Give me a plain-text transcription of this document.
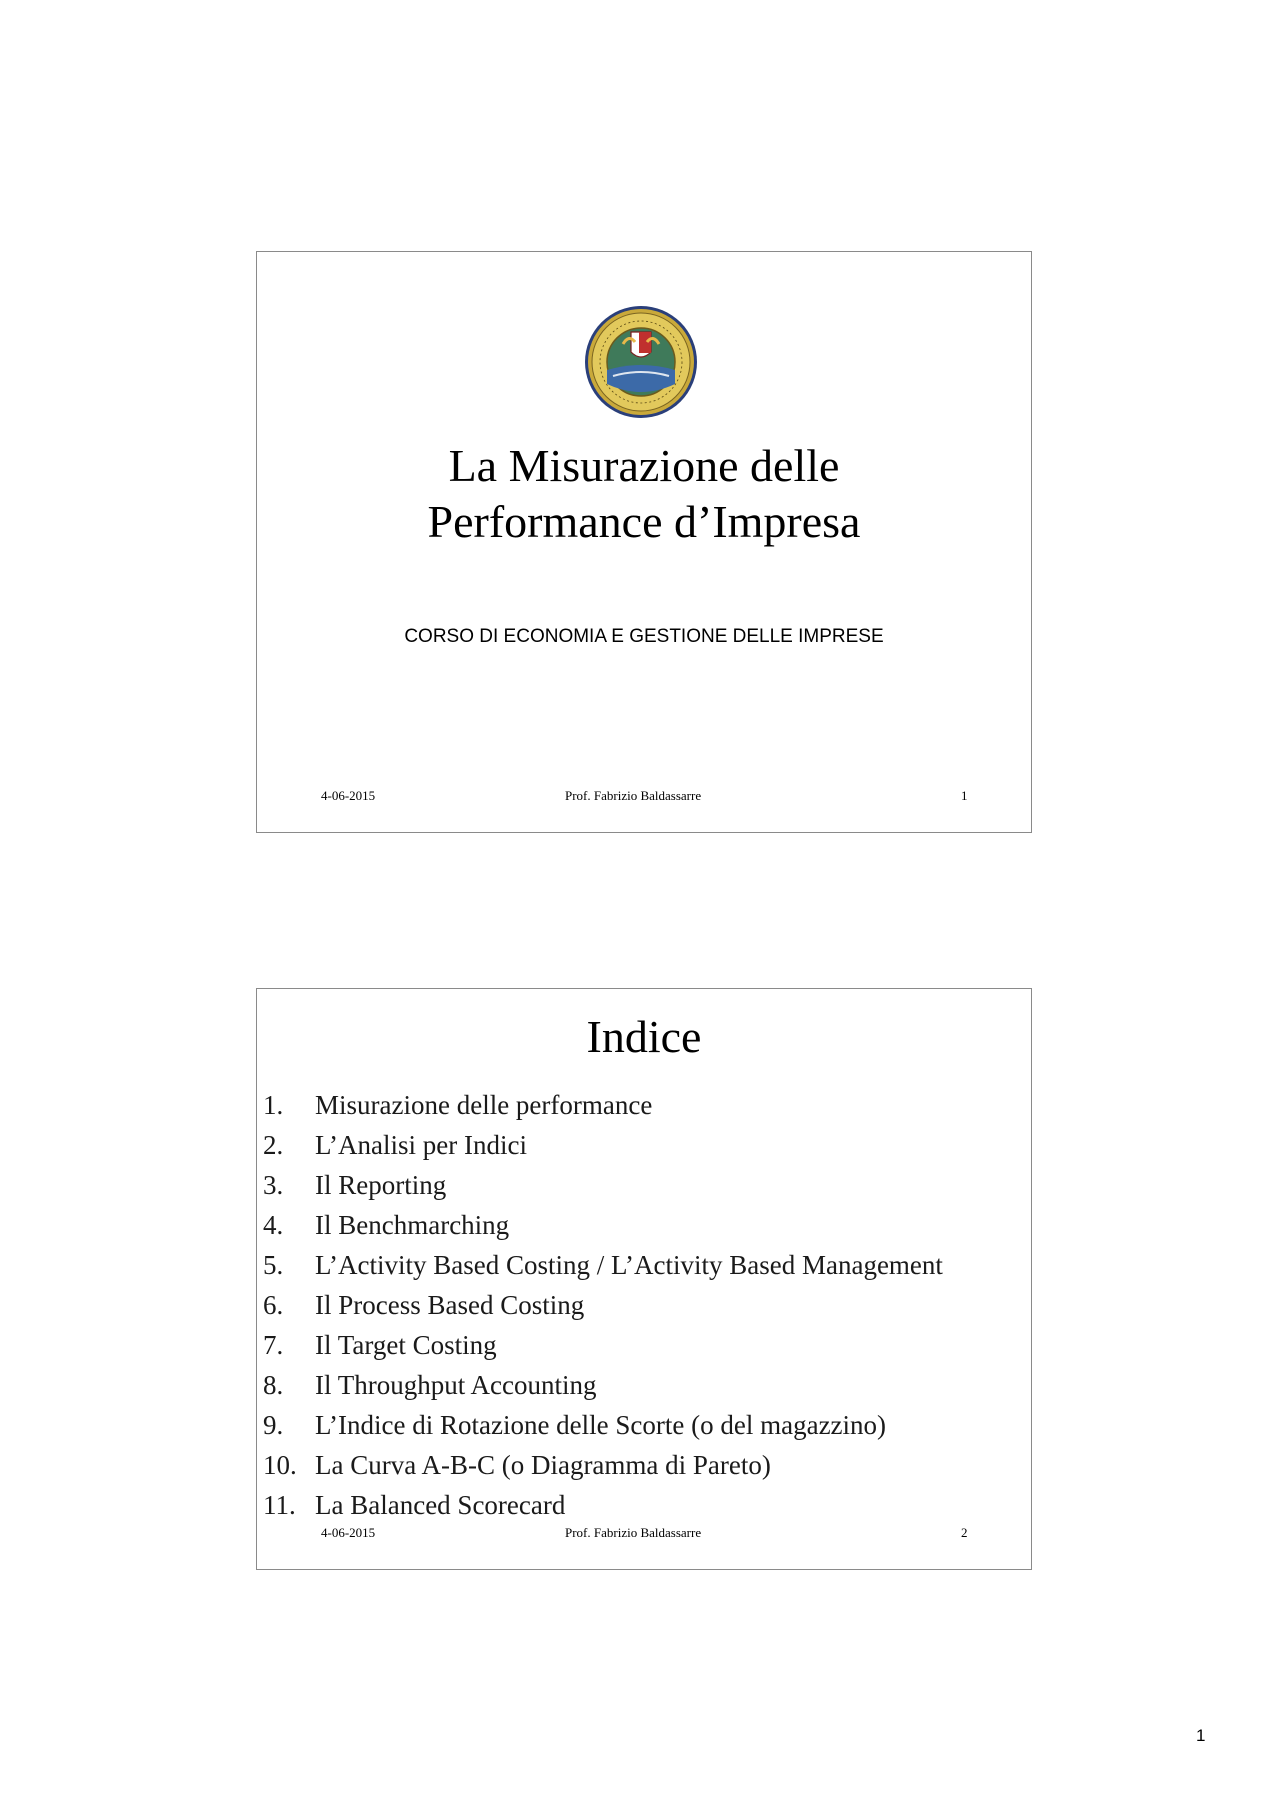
La Misurazione delle
Performance d’Impresa
CORSO DI ECONOMIA E GESTIONE DELLE IMPRESE
4-06-2015	Prof. Fabrizio Baldassarre	1
Indice
1. Misurazione delle performance
2. L’Analisi per Indici
3. Il Reporting
4. Il Benchmarching
5. L’Activity Based Costing / L’Activity Based Management
6. Il Process Based Costing
7. Il Target Costing
8. Il Throughput Accounting
9. L’Indice di Rotazione delle Scorte (o del magazzino)
10. La Curva A-B-C (o Diagramma di Pareto)
11. La Balanced Scorecard
4-06-2015	Prof. Fabrizio Baldassarre	2
1
